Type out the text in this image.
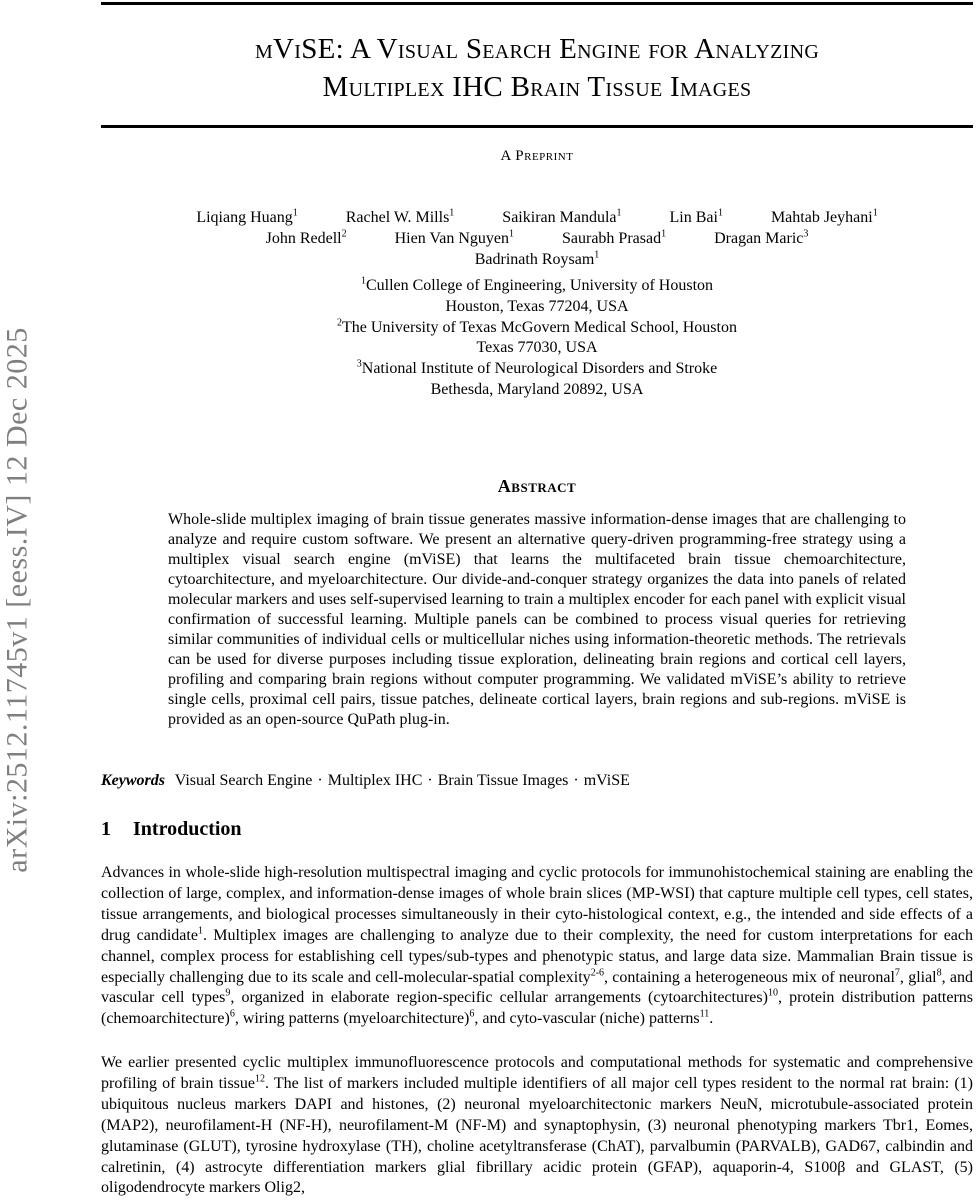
arXiv:2512.11745v1 [eess.IV] 12 Dec 2025
mViSE: A Visual Search Engine for Analyzing
Multiplex IHC Brain Tissue Images
A Preprint
Liqiang Huang$^1$	Rachel W. Mills$^1$	Saikiran Mandula$^1$	Lin Bai$^1$	Mahtab Jeyhani$^1$
John Redell$^2$	Hien Van Nguyen$^1$	Saurabh Prasad$^1$	Dragan Maric$^3$
Badrinath Roysam$^1$
$^1$Cullen College of Engineering, University of Houston
Houston, Texas 77204, USA
$^2$The University of Texas McGovern Medical School, Houston
Texas 77030, USA
$^3$National Institute of Neurological Disorders and Stroke
Bethesda, Maryland 20892, USA
Abstract
Whole-slide multiplex imaging of brain tissue generates massive information-dense images that are challenging to analyze and require custom software. We present an alternative query-driven programming-free strategy using a multiplex visual search engine (mViSE) that learns the multifaceted brain tissue chemoarchitecture, cytoarchitecture, and myeloarchitecture. Our divide-and-conquer strategy organizes the data into panels of related molecular markers and uses self-supervised learning to train a multiplex encoder for each panel with explicit visual confirmation of successful learning. Multiple panels can be combined to process visual queries for retrieving similar communities of individual cells or multicellular niches using information-theoretic methods. The retrievals can be used for diverse purposes including tissue exploration, delineating brain regions and cortical cell layers, profiling and comparing brain regions without computer programming. We validated mViSE’s ability to retrieve single cells, proximal cell pairs, tissue patches, delineate cortical layers, brain regions and sub-regions. mViSE is provided as an open-source QuPath plug-in.
Keywords Visual Search Engine · Multiplex IHC · Brain Tissue Images · mViSE
1 Introduction
Advances in whole-slide high-resolution multispectral imaging and cyclic protocols for immunohistochemical staining are enabling the collection of large, complex, and information-dense images of whole brain slices (MP-WSI) that capture multiple cell types, cell states, tissue arrangements, and biological processes simultaneously in their cyto-histological context, e.g., the intended and side effects of a drug candidate$^1$. Multiplex images are challenging to analyze due to their complexity, the need for custom interpretations for each channel, complex process for establishing cell types/sub-types and phenotypic status, and large data size. Mammalian Brain tissue is especially challenging due to its scale and cell-molecular-spatial complexity$^{2-6}$, containing a heterogeneous mix of neuronal$^7$, glial$^8$, and vascular cell types$^9$, organized in elaborate region-specific cellular arrangements (cytoarchitectures)$^{10}$, protein distribution patterns (chemoarchitecture)$^6$, wiring patterns (myeloarchitecture)$^6$, and cyto-vascular (niche) patterns$^{11}$.
We earlier presented cyclic multiplex immunofluorescence protocols and computational methods for systematic and comprehensive profiling of brain tissue$^{12}$. The list of markers included multiple identifiers of all major cell types resident to the normal rat brain: (1) ubiquitous nucleus markers DAPI and histones, (2) neuronal myeloarchitectonic markers NeuN, microtubule-associated protein (MAP2), neurofilament-H (NF-H), neurofilament-M (NF-M) and synaptophysin, (3) neuronal phenotyping markers Tbr1, Eomes, glutaminase (GLUT), tyrosine hydroxylase (TH), choline acetyltransferase (ChAT), parvalbumin (PARVALB), GAD67, calbindin and calretinin, (4) astrocyte differentiation markers glial fibrillary acidic protein (GFAP), aquaporin-4, S100β and GLAST, (5) oligodendrocyte markers Olig2,
